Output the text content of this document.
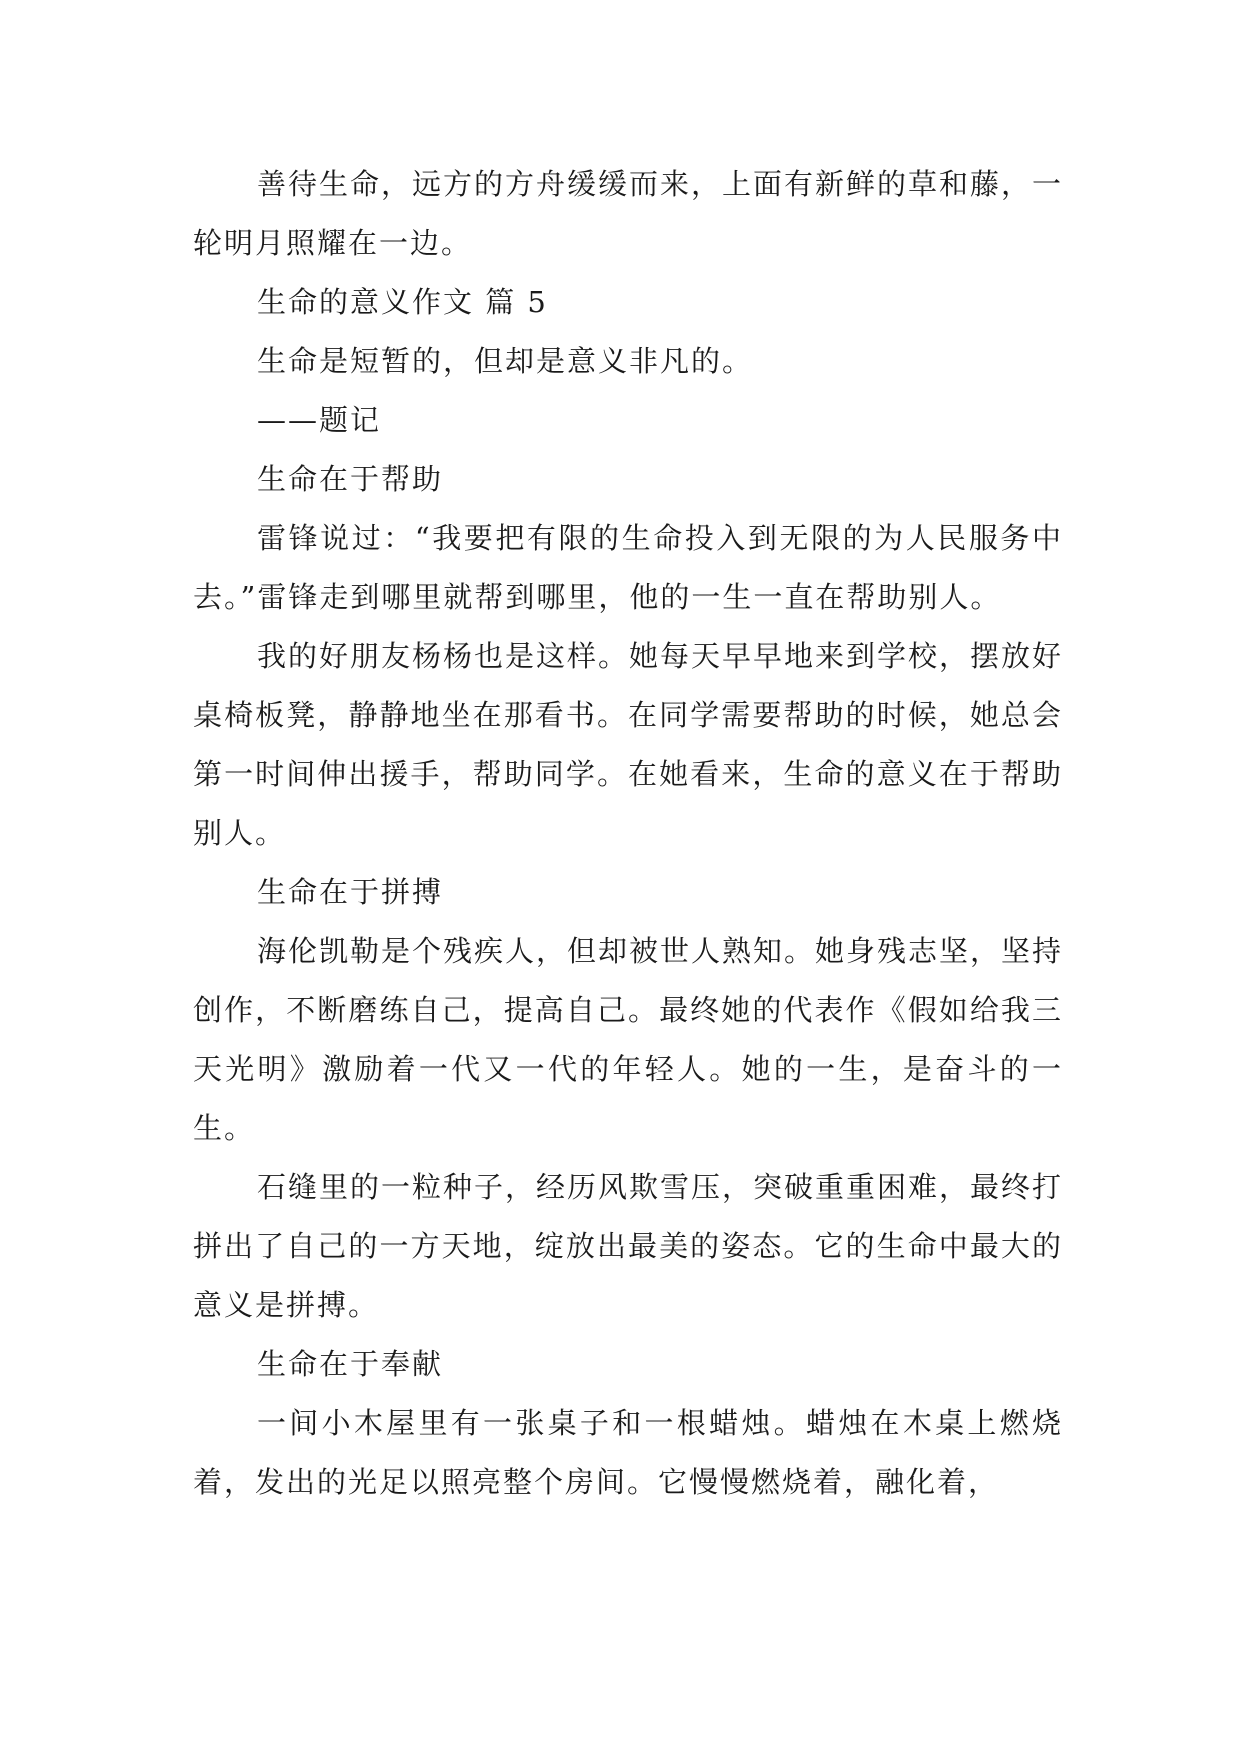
善待生命，远方的方舟缓缓而来，上面有新鲜的草和藤，一轮明月照耀在一边。

生命的意义作文 篇 5

生命是短暂的，但却是意义非凡的。

——题记

生命在于帮助

雷锋说过：“我要把有限的生命投入到无限的为人民服务中去。”雷锋走到哪里就帮到哪里，他的一生一直在帮助别人。

我的好朋友杨杨也是这样。她每天早早地来到学校，摆放好桌椅板凳，静静地坐在那看书。在同学需要帮助的时候，她总会第一时间伸出援手，帮助同学。在她看来，生命的意义在于帮助别人。

生命在于拼搏

海伦凯勒是个残疾人，但却被世人熟知。她身残志坚，坚持创作，不断磨练自己，提高自己。最终她的代表作《假如给我三天光明》激励着一代又一代的年轻人。她的一生，是奋斗的一生。

石缝里的一粒种子，经历风欺雪压，突破重重困难，最终打拼出了自己的一方天地，绽放出最美的姿态。它的生命中最大的意义是拼搏。

生命在于奉献

一间小木屋里有一张桌子和一根蜡烛。蜡烛在木桌上燃烧着，发出的光足以照亮整个房间。它慢慢燃烧着，融化着，
